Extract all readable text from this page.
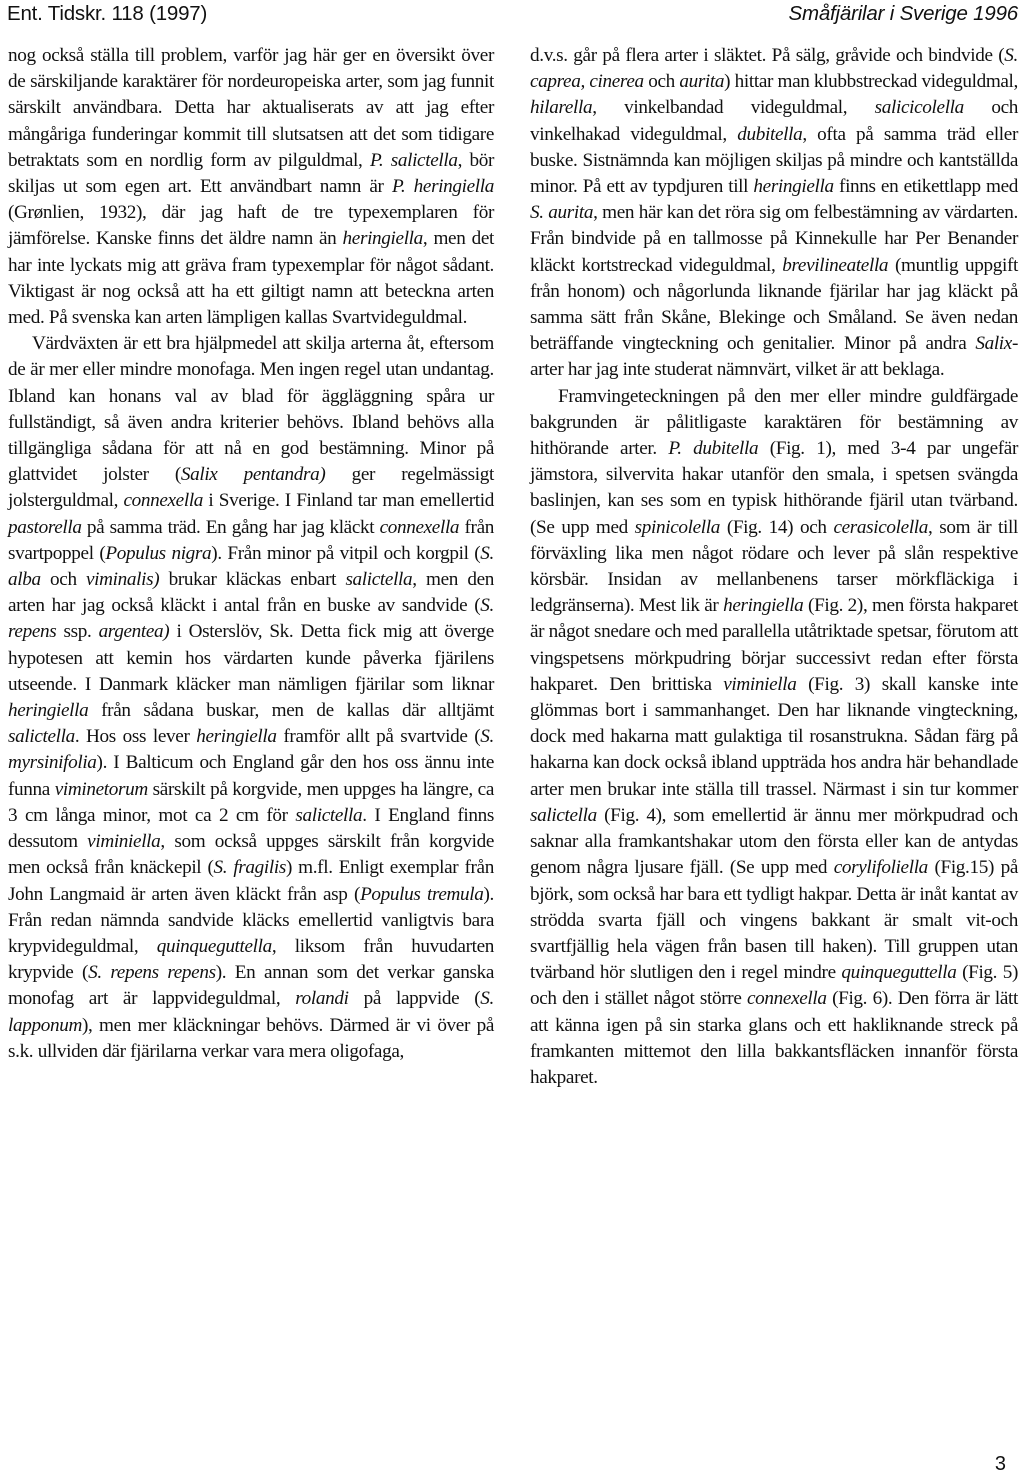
Ent. Tidskr. 118 (1997)	Småfjärilar i Sverige 1996

nog också ställa till problem, varför jag här ger en översikt över de särskiljande karaktärer för nordeuropeiska arter, som jag funnit särskilt användbara. Detta har aktualiserats av att jag efter mångåriga funderingar kommit till slutsatsen att det som tidigare betraktats som en nordlig form av pilguldmal, P. salictella, bör skiljas ut som egen art. Ett användbart namn är P. heringiella (Grønlien, 1932), där jag haft de tre typexemplaren för jämförelse. Kanske finns det äldre namn än heringiella, men det har inte lyckats mig att gräva fram typexemplar för något sådant. Viktigast är nog också att ha ett giltigt namn att beteckna arten med. På svenska kan arten lämpligen kallas Svartvideguldmal.

Värdväxten är ett bra hjälpmedel att skilja arterna åt, eftersom de är mer eller mindre monofaga. Men ingen regel utan undantag. Ibland kan honans val av blad för äggläggning spåra ur fullständigt, så även andra kriterier behövs. Ibland behövs alla tillgängliga sådana för att nå en god bestämning. Minor på glattvidet jolster (Salix pentandra) ger regelmässigt jolsterguldmal, connexella i Sverige. I Finland tar man emellertid pastorella på samma träd. En gång har jag kläckt connexella från svartpoppel (Populus nigra). Från minor på vitpil och korgpil (S. alba och viminalis) brukar kläckas enbart salictella, men den arten har jag också kläckt i antal från en buske av sandvide (S. repens ssp. argentea) i Osterslöv, Sk. Detta fick mig att överge hypotesen att kemin hos värdarten kunde påverka fjärilens utseende. I Danmark kläcker man nämligen fjärilar som liknar heringiella från sådana buskar, men de kallas där alltjämt salictella. Hos oss lever heringiella framför allt på svartvide (S. myrsinifolia). I Balticum och England går den hos oss ännu inte funna viminetorum särskilt på korgvide, men uppges ha längre, ca 3 cm långa minor, mot ca 2 cm för salictella. I England finns dessutom viminiella, som också uppges särskilt från korgvide men också från knäckepil (S. fragilis) m.fl. Enligt exemplar från John Langmaid är arten även kläckt från asp (Populus tremula). Från redan nämnda sandvide kläcks emellertid vanligtvis bara krypvideguldmal, quinqueguttella, liksom från huvudarten krypvide (S. repens repens). En annan som det verkar ganska monofag art är lappvideguldmal, rolandi på lappvide (S. lapponum), men mer kläckningar behövs. Därmed är vi över på s.k. ullviden där fjärilarna verkar vara mera oligofaga,

d.v.s. går på flera arter i släktet. På sälg, gråvide och bindvide (S. caprea, cinerea och aurita) hittar man klubbstreckad videguldmal, hilarella, vinkelbandad videguldmal, salicicolella och vinkelhakad videguldmal, dubitella, ofta på samma träd eller buske. Sistnämnda kan möjligen skiljas på mindre och kantställda minor. På ett av typdjuren till heringiella finns en etikettlapp med S. aurita, men här kan det röra sig om felbestämning av värdarten. Från bindvide på en tallmosse på Kinnekulle har Per Benander kläckt kortstreckad videguldmal, brevilineatella (muntlig uppgift från honom) och någorlunda liknande fjärilar har jag kläckt på samma sätt från Skåne, Blekinge och Småland. Se även nedan beträffande vingteckning och genitalier. Minor på andra Salix-arter har jag inte studerat nämnvärt, vilket är att beklaga.

Framvingeteckningen på den mer eller mindre guldfärgade bakgrunden är pålitligaste karaktären för bestämning av hithörande arter. P. dubitella (Fig. 1), med 3-4 par ungefär jämstora, silvervita hakar utanför den smala, i spetsen svängda baslinjen, kan ses som en typisk hithörande fjäril utan tvärband. (Se upp med spinicolella (Fig. 14) och cerasicolella, som är till förväxling lika men något rödare och lever på slån respektive körsbär. Insidan av mellanbenens tarser mörkfläckiga i ledgränserna). Mest lik är heringiella (Fig. 2), men första hakparet är något snedare och med parallella utåtriktade spetsar, förutom att vingspetsens mörkpudring börjar successivt redan efter första hakparet. Den brittiska viminiella (Fig. 3) skall kanske inte glömmas bort i sammanhanget. Den har liknande vingteckning, dock med hakarna matt gulaktiga til rosanstrukna. Sådan färg på hakarna kan dock också ibland uppträda hos andra här behandlade arter men brukar inte ställa till trassel. Närmast i sin tur kommer salictella (Fig. 4), som emellertid är ännu mer mörkpudrad och saknar alla framkantshakar utom den första eller kan de antydas genom några ljusare fjäll. (Se upp med corylifoliella (Fig.15) på björk, som också har bara ett tydligt hakpar. Detta är inåt kantat av strödda svarta fjäll och vingens bakkant är smalt vit-och svartfjällig hela vägen från basen till haken). Till gruppen utan tvärband hör slutligen den i regel mindre quinqueguttella (Fig. 5) och den i stället något större connexella (Fig. 6). Den förra är lätt att känna igen på sin starka glans och ett hakliknande streck på framkanten mittemot den lilla bakkantsfläcken innanför första hakparet.

3
